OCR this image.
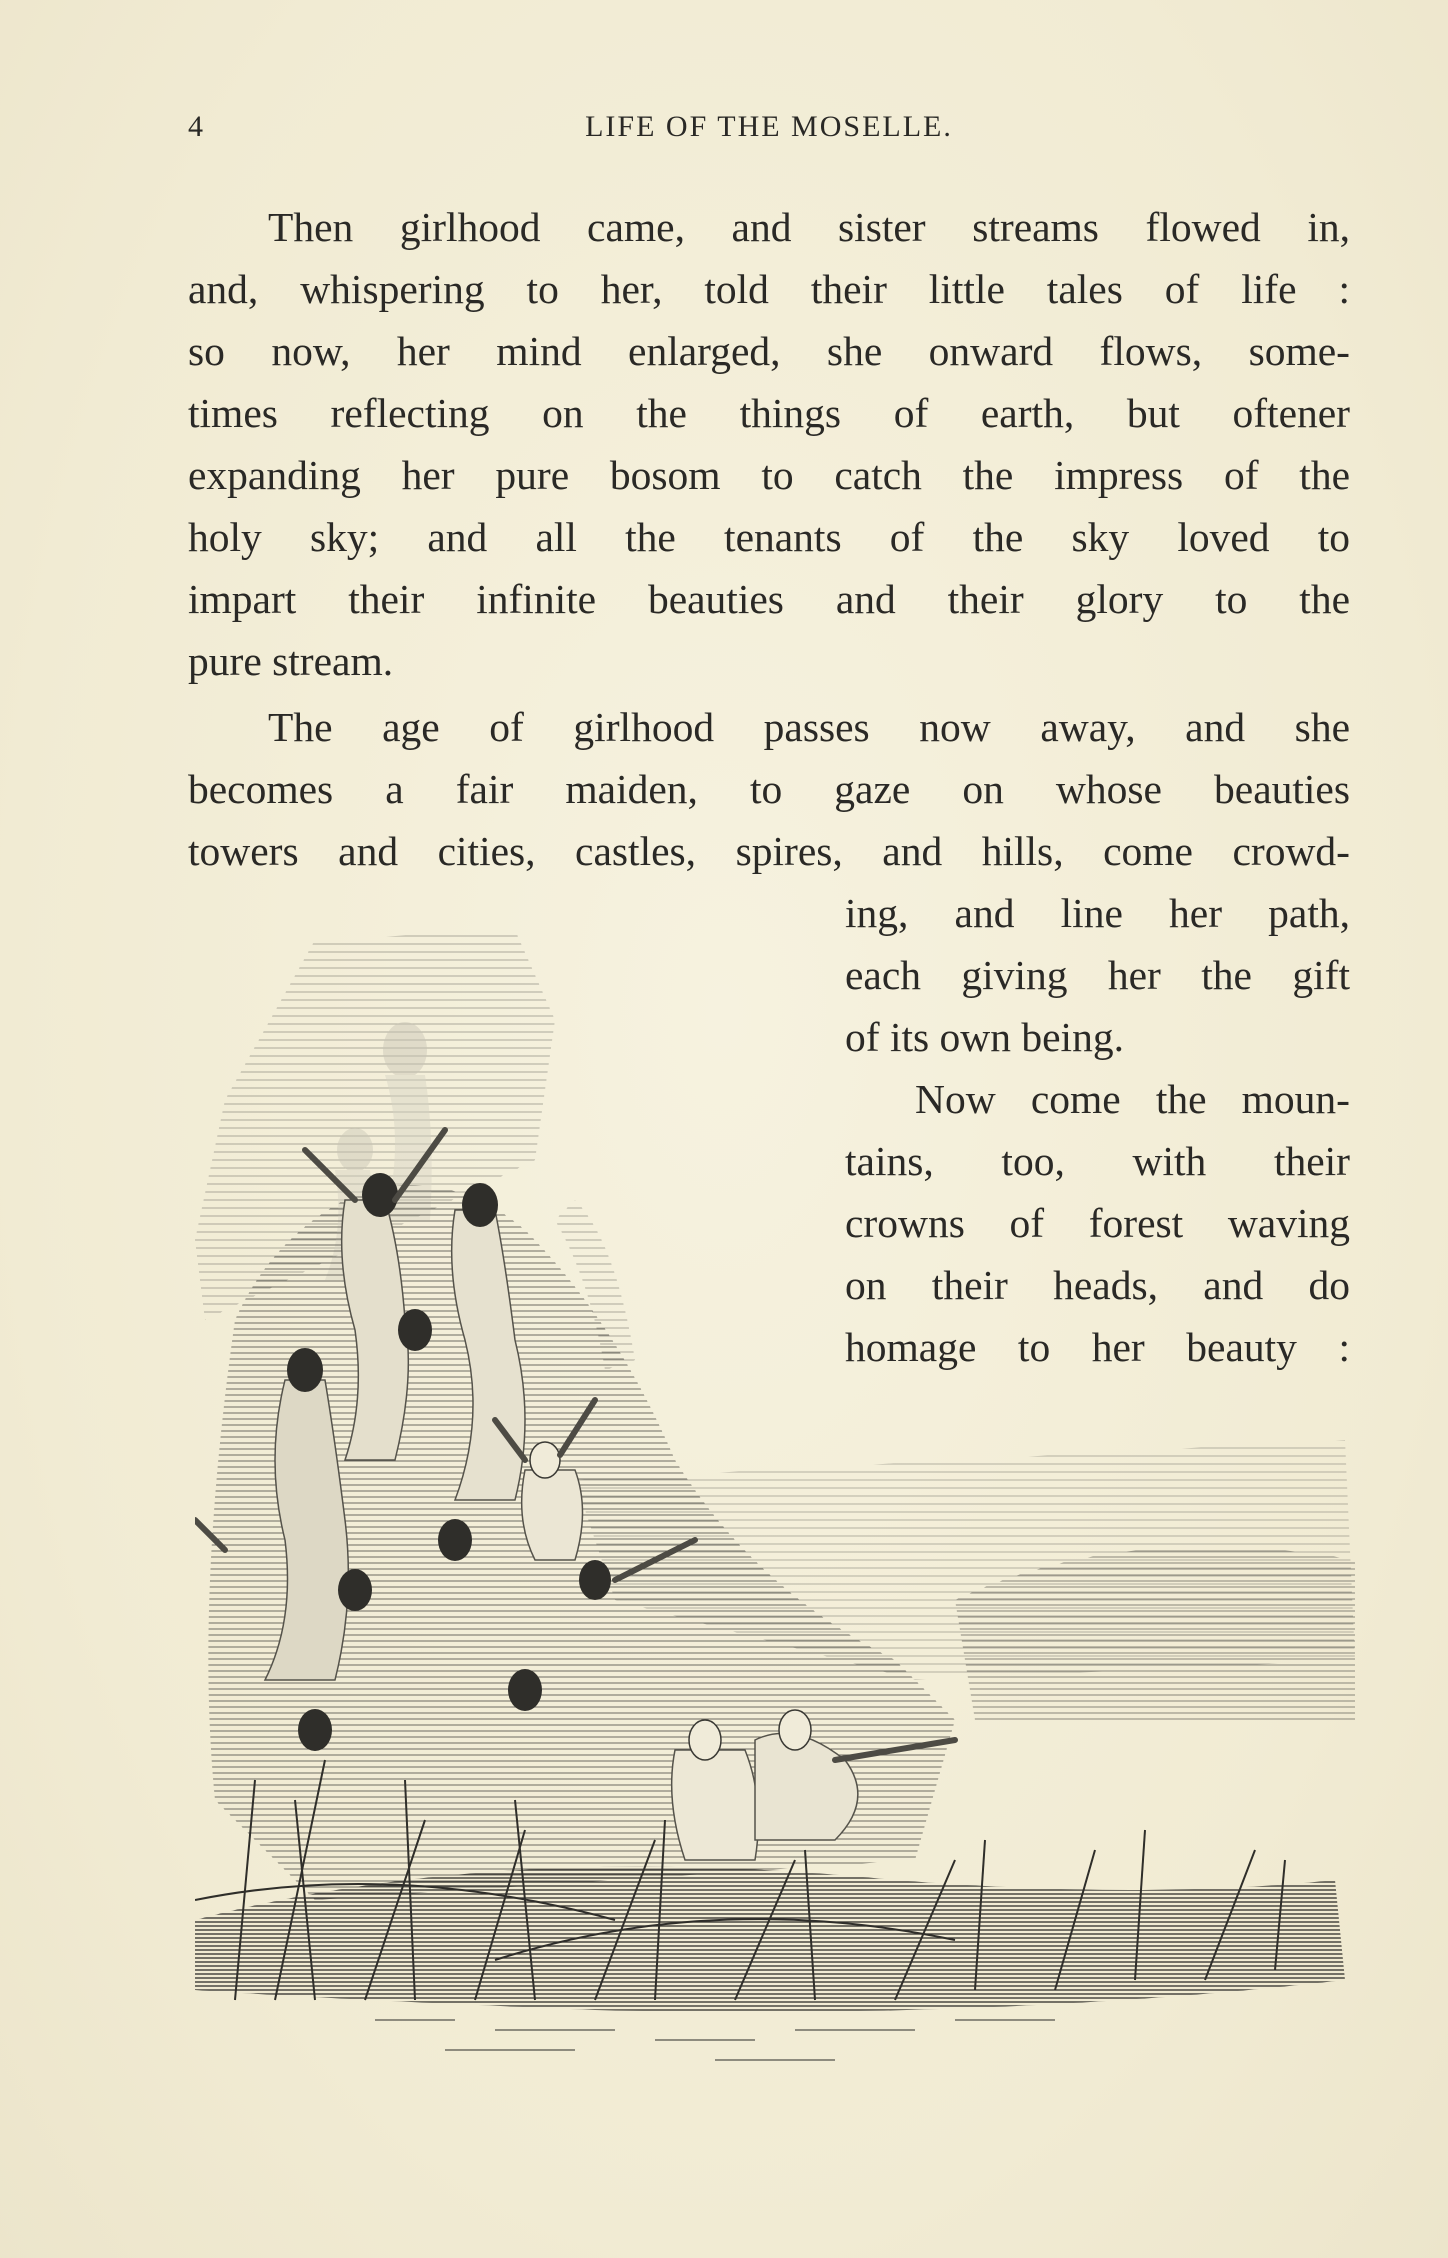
4	LIFE OF THE MOSELLE.
Then girlhood came, and sister streams flowed in,
and, whispering to her, told their little tales of life :
so now, her mind enlarged, she onward flows, some-
times reflecting on the things of earth, but oftener
expanding her pure bosom to catch the impress of the
holy sky; and all the tenants of the sky loved to
impart their infinite beauties and their glory to the
pure stream.
The age of girlhood passes now away, and she
becomes a fair maiden, to gaze on whose beauties
towers and cities, castles, spires, and hills, come crowd-
ing, and line her path,
each giving her the gift
of its own being.
Now come the moun-
tains, too, with their
crowns of forest waving
on their heads, and do
homage to her beauty :
